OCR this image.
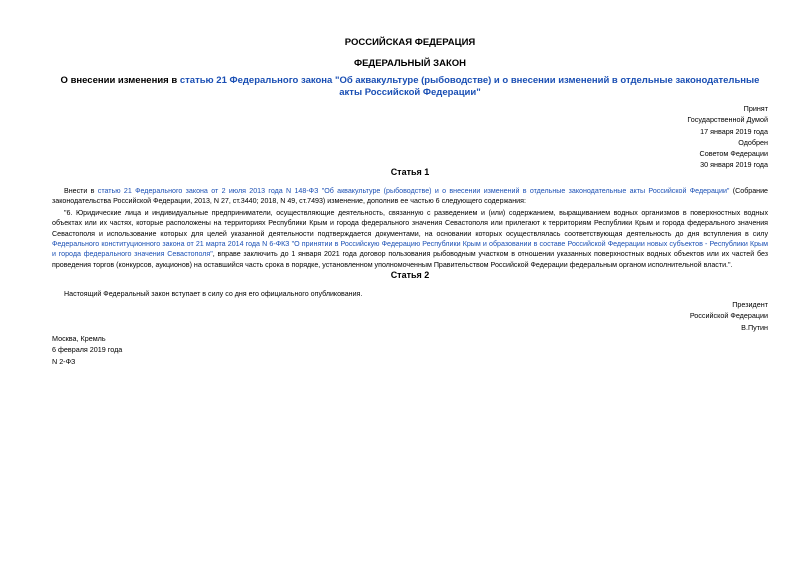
РОССИЙСКАЯ ФЕДЕРАЦИЯ
ФЕДЕРАЛЬНЫЙ ЗАКОН
О внесении изменения в статью 21 Федерального закона "Об аквакультуре (рыбоводстве) и о внесении изменений в отдельные законодательные акты Российской Федерации"
Принят
Государственной Думой
17 января 2019 года
Одобрен
Советом Федерации
30 января 2019 года
Статья 1

Внести в статью 21 Федерального закона от 2 июля 2013 года N 148-ФЗ "Об аквакультуре (рыбоводстве) и о внесении изменений в отдельные законодательные акты Российской Федерации" (Собрание законодательства Российской Федерации, 2013, N 27, ст.3440; 2018, N 49, ст.7493) изменение, дополнив ее частью 6 следующего содержания:

"6. Юридические лица и индивидуальные предприниматели, осуществляющие деятельность, связанную с разведением и (или) содержанием, выращиванием водных организмов в поверхностных водных объектах или их частях, которые расположены на территориях Республики Крым и города федерального значения Севастополя или прилегают к территориям Республики Крым и города федерального значения Севастополя и использование которых для целей указанной деятельности подтверждается документами, на основании которых осуществлялась соответствующая деятельность до дня вступления в силу Федерального конституционного закона от 21 марта 2014 года N 6-ФКЗ "О принятии в Российскую Федерацию Республики Крым и образовании в составе Российской Федерации новых субъектов - Республики Крым и города федерального значения Севастополя", вправе заключить до 1 января 2021 года договор пользования рыбоводным участком в отношении указанных поверхностных водных объектов или их частей без проведения торгов (конкурсов, аукционов) на оставшийся часть срока в порядке, установленном уполномоченным Правительством Российской Федерации федеральным органом исполнительной власти.".

Статья 2
Настоящий Федеральный закон вступает в силу со дня его официального опубликования.
Президент
Российской Федерации
В.Путин
Москва, Кремль
6 февраля 2019 года
N 2-ФЗ
